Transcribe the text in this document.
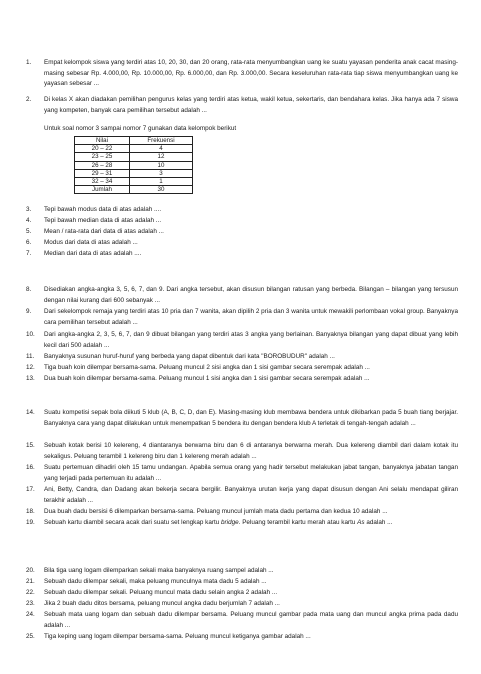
1.	Empat kelompok siswa yang terdiri atas 10, 20, 30, dan 20 orang, rata-rata menyumbangkan uang ke suatu yayasan penderita anak cacat masing-masing sebesar Rp. 4.000,00, Rp. 10.000,00, Rp. 6.000,00, dan Rp. 3.000,00. Secara keseluruhan rata-rata tiap siswa menyumbangkan uang ke yayasan sebesar ...
2.	Di kelas X akan diadakan pemilihan pengurus kelas yang terdiri atas ketua, wakil ketua, sekertaris, dan bendahara kelas. Jika hanya ada 7 siswa yang kompeten, banyak cara pemilihan tersebut adalah ...
Untuk soal nomor 3 sampai nomor 7 gunakan data kelompok berikut
Nilai	Frekuensi
20 – 22	4
23 – 25	12
26 – 28	10
29 – 31	3
32 – 34	1
Jumlah	30
3.	Tepi bawah modus data di atas adalah ....
4.	Tepi bawah median data di atas adalah ...
5.	Mean / rata-rata dari data di atas adalah ...
6.	Modus dari data di atas adalah ...
7.	Median dari data di atas adalah ....
8.	Disediakan angka-angka 3, 5, 6, 7, dan 9. Dari angka tersebut, akan disusun bilangan ratusan yang berbeda. Bilangan – bilangan yang tersusun dengan nilai kurang dari 600 sebanyak ...
9.	Dari sekelompok remaja yang terdiri atas 10 pria dan 7 wanita, akan dipilih 2 pria dan 3 wanita untuk mewakili perlombaan vokal group. Banyaknya cara pemilihan tersebut adalah ...
10.	Dari angka-angka 2, 3, 5, 6, 7, dan 9 dibuat bilangan yang terdiri atas 3 angka yang berlainan. Banyaknya bilangan yang dapat dibuat yang lebih kecil dari 500 adalah ...
11.	Banyaknya susunan huruf-huruf yang berbeda yang dapat dibentuk dari kata "BOROBUDUR" adalah ...
12.	Tiga buah koin dilempar bersama-sama. Peluang muncul 2 sisi angka dan 1 sisi gambar secara serempak adalah ...
13.	Dua buah koin dilempar bersama-sama. Peluang muncul 1 sisi angka dan 1 sisi gambar secara serempak adalah ...
14.	Suatu kompetisi sepak bola diikuti 5 klub (A, B, C, D, dan E). Masing-masing klub membawa bendera untuk dikibarkan pada 5 buah tiang berjajar. Banyaknya cara yang dapat dilakukan untuk menempatkan 5 bendera itu dengan bendera klub A terletak di tengah-tengah adalah ...
15.	Sebuah kotak berisi 10 kelereng, 4 diantaranya berwarna biru dan 6 di antaranya berwarna merah. Dua kelereng diambil dari dalam kotak itu sekaligus. Peluang terambil 1 kelereng biru dan 1 kelereng merah adalah ...
16.	Suatu pertemuan dihadiri oleh 15 tamu undangan. Apabila semua orang yang hadir tersebut melakukan jabat tangan, banyaknya jabatan tangan yang terjadi pada pertemuan itu adalah ...
17.	Ani, Betty, Candra, dan Dadang akan bekerja secara bergilir. Banyaknya urutan kerja yang dapat disusun dengan Ani selalu mendapat giliran terakhir adalah ...
18.	Dua buah dadu bersisi 6 dilemparkan bersama-sama. Peluang muncul jumlah mata dadu pertama dan kedua 10 adalah ...
19.	Sebuah kartu diambil secara acak dari suatu set lengkap kartu bridge. Peluang terambil kartu merah atau kartu As adalah ...
20.	Bila tiga uang logam dilemparkan sekali maka banyaknya ruang sampel adalah ...
21.	Sebuah dadu dilempar sekali, maka peluang munculnya mata dadu 5 adalah ...
22.	Sebuah dadu dilempar sekali. Peluang muncul mata dadu selain angka 2 adalah ...
23.	Jika 2 buah dadu ditos bersama, peluang muncul angka dadu berjumlah 7 adalah ...
24.	Sebuah mata uang logam dan sebuah dadu dilempar bersama. Peluang muncul gambar pada mata uang dan muncul angka prima pada dadu adalah ...
25.	Tiga keping uang logam dilempar bersama-sama. Peluang muncul ketiganya gambar adalah ...
